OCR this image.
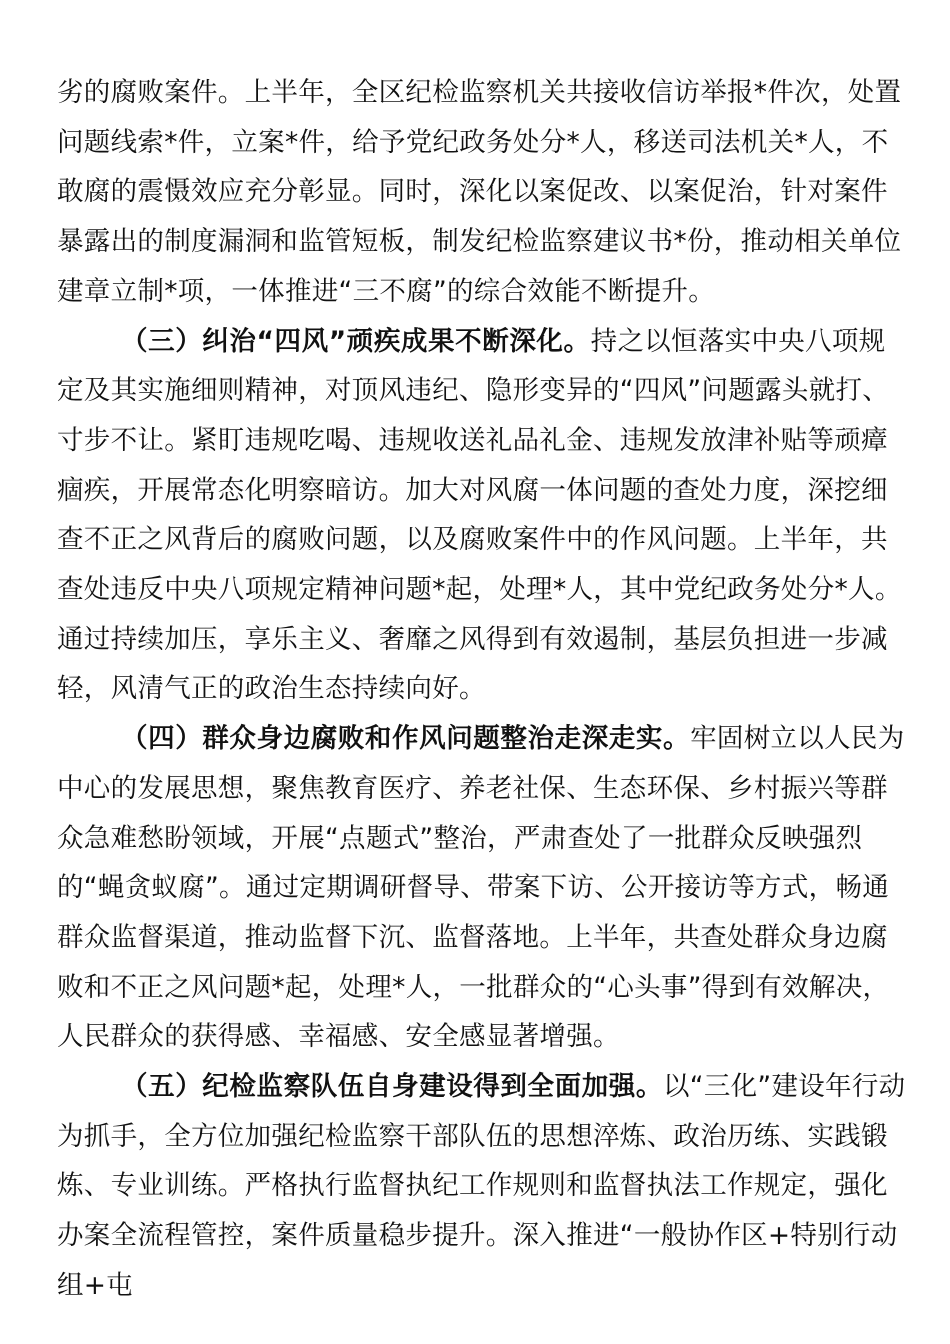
劣的腐败案件。上半年，全区纪检监察机关共接收信访举报*件次，处置问题线索*件，立案*件，给予党纪政务处分*人，移送司法机关*人，不敢腐的震慑效应充分彰显。同时，深化以案促改、以案促治，针对案件暴露出的制度漏洞和监管短板，制发纪检监察建议书*份，推动相关单位建章立制*项，一体推进“三不腐”的综合效能不断提升。

（三）纠治“四风”顽疾成果不断深化。持之以恒落实中央八项规定及其实施细则精神，对顶风违纪、隐形变异的“四风”问题露头就打、寸步不让。紧盯违规吃喝、违规收送礼品礼金、违规发放津补贴等顽瘴痼疾，开展常态化明察暗访。加大对风腐一体问题的查处力度，深挖细查不正之风背后的腐败问题，以及腐败案件中的作风问题。上半年，共查处违反中央八项规定精神问题*起，处理*人，其中党纪政务处分*人。通过持续加压，享乐主义、奢靡之风得到有效遏制，基层负担进一步减轻，风清气正的政治生态持续向好。

（四）群众身边腐败和作风问题整治走深走实。牢固树立以人民为中心的发展思想，聚焦教育医疗、养老社保、生态环保、乡村振兴等群众急难愁盼领域，开展“点题式”整治，严肃查处了一批群众反映强烈的“蝇贪蚁腐”。通过定期调研督导、带案下访、公开接访等方式，畅通群众监督渠道，推动监督下沉、监督落地。上半年，共查处群众身边腐败和不正之风问题*起，处理*人，一批群众的“心头事”得到有效解决，人民群众的获得感、幸福感、安全感显著增强。

（五）纪检监察队伍自身建设得到全面加强。以“三化”建设年行动为抓手，全方位加强纪检监察干部队伍的思想淬炼、政治历练、实践锻炼、专业训练。严格执行监督执纪工作规则和监督执法工作规定，强化办案全流程管控，案件质量稳步提升。深入推进“一般协作区+特别行动组+屯
